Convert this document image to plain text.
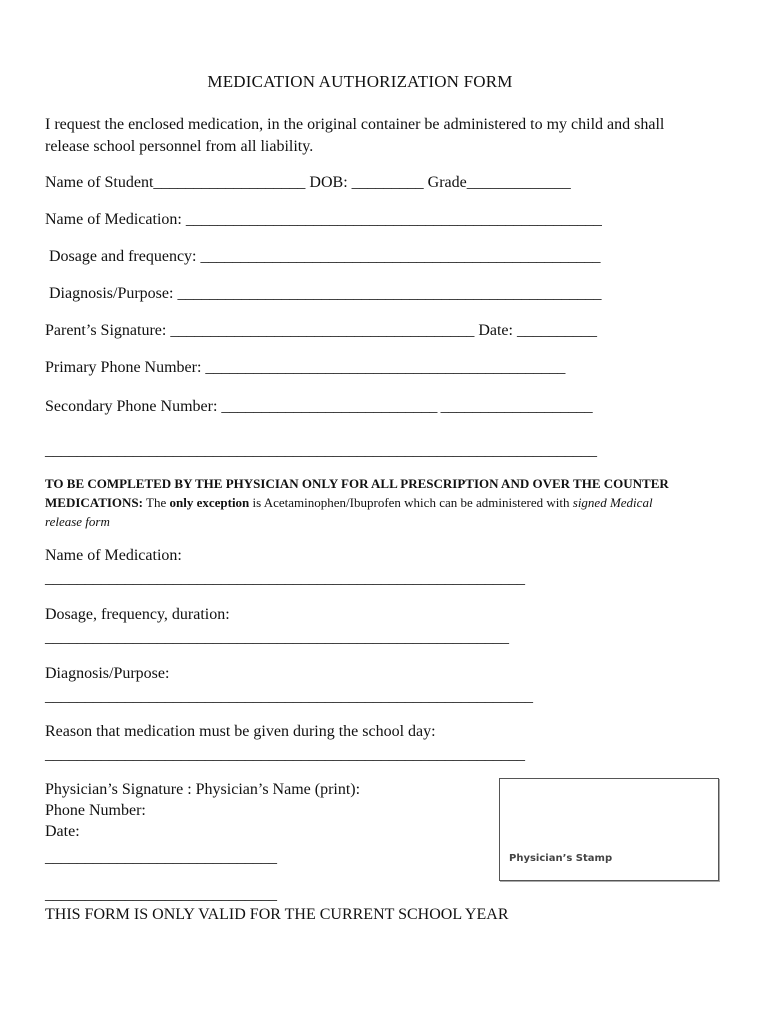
MEDICATION AUTHORIZATION FORM
I request the enclosed medication, in the original container be administered to my child and shall release school personnel from all liability.
Name of Student___________________ DOB: _________ Grade_____________
Name of Medication: ____________________________________________________
Dosage and frequency: __________________________________________________
Diagnosis/Purpose: _____________________________________________________
Parent’s Signature: ______________________________________ Date: __________
Primary Phone Number: _____________________________________________
Secondary Phone Number: ___________________________ ___________________
_____________________________________________________________________
TO BE COMPLETED BY THE PHYSICIAN ONLY FOR ALL PRESCRIPTION AND OVER THE COUNTER MEDICATIONS: The only exception is Acetaminophen/Ibuprofen which can be administered with signed Medical release form
Name of Medication:
____________________________________________________________
Dosage, frequency, duration:
__________________________________________________________
Diagnosis/Purpose:
_____________________________________________________________
Reason that medication must be given during the school day:
____________________________________________________________
Physician’s Signature : Physician’s Name (print):
Phone Number:
Date:
_____________________________
_____________________________
Physician’s Stamp
THIS FORM IS ONLY VALID FOR THE CURRENT SCHOOL YEAR
